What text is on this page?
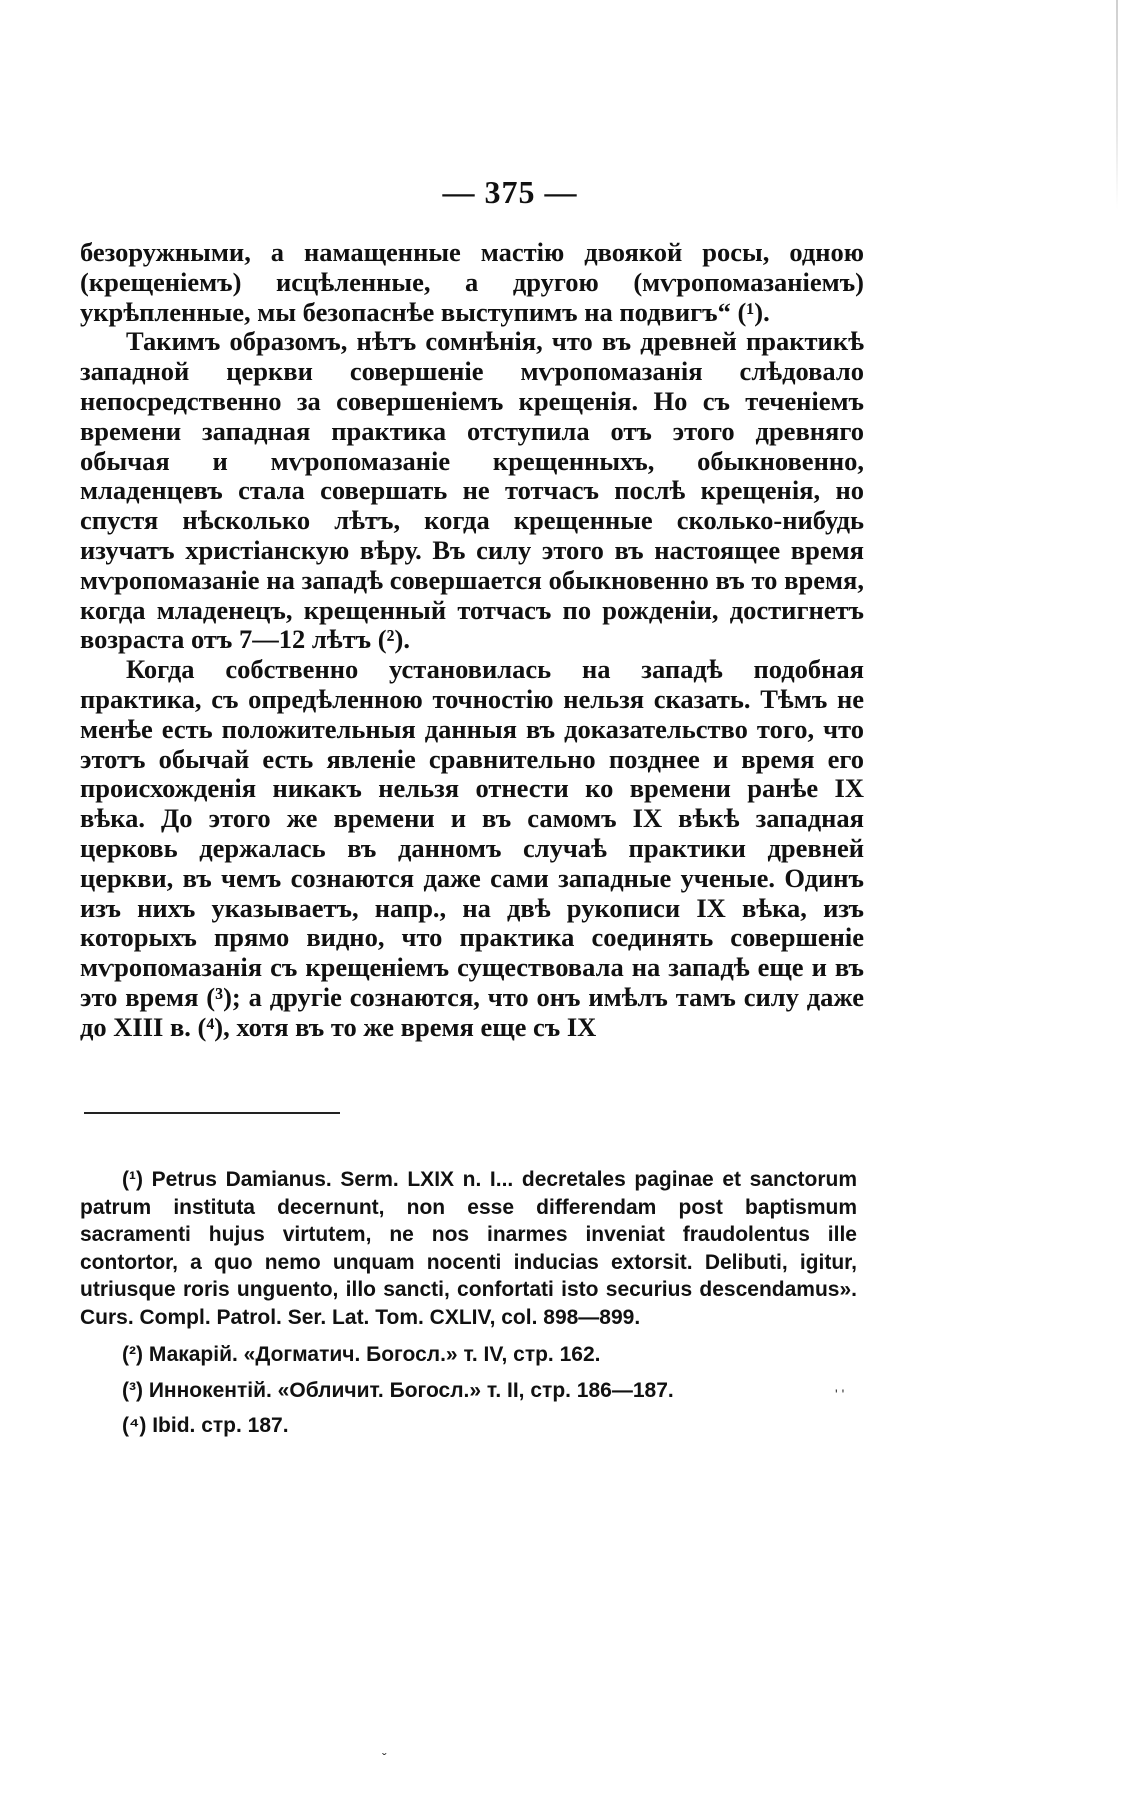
— 375 —

безоружными, а намащенные мастію двоякой росы, одною (крещеніемъ) исцѣленные, а другою (мѵропомазаніемъ) укрѣпленные, мы безопаснѣе выступимъ на подвигъ“ (¹).

Такимъ образомъ, нѣтъ сомнѣнія, что въ древней практикѣ западной церкви совершеніе мѵропомазанія слѣдовало непосредственно за совершеніемъ крещенія. Но съ теченіемъ времени западная практика отступила отъ этого древняго обычая и мѵропомазаніе крещенныхъ, обыкновенно, младенцевъ стала совершать не тотчасъ послѣ крещенія, но спустя нѣсколько лѣтъ, когда крещенные сколько-нибудь изучатъ христіанскую вѣру. Въ силу этого въ настоящее время мѵропомазаніе на западѣ совершается обыкновенно въ то время, когда младенецъ, крещенный тотчасъ по рожденіи, достигнетъ возраста отъ 7—12 лѣтъ (²).

Когда собственно установилась на западѣ подобная практика, съ опредѣленною точностію нельзя сказать. Тѣмъ не менѣе есть положительныя данныя въ доказательство того, что этотъ обычай есть явленіе сравнительно позднее и время его происхожденія никакъ нельзя отнести ко времени ранѣе IX вѣка. До этого же времени и въ самомъ IX вѣкѣ западная церковь держалась въ данномъ случаѣ практики древней церкви, въ чемъ сознаются даже сами западные ученые. Одинъ изъ нихъ указываетъ, напр., на двѣ рукописи IX вѣка, изъ которыхъ прямо видно, что практика соединять совершеніе мѵропомазанія съ крещеніемъ существовала на западѣ еще и въ это время (³); а другіе сознаются, что онъ имѣлъ тамъ силу даже до XIII в. (⁴), хотя въ то же время еще съ IX

(¹) Petrus Damianus. Serm. LXIX n. I... decretales paginae et sanctorum patrum instituta decernunt, non esse differendam post baptismum sacramenti hujus virtutem, ne nos inarmes inveniat fraudolentus ille contortor, a quo nemo unquam nocenti inducias extorsit. Delibuti, igitur, utriusque roris unguento, illo sancti, confortati isto securius descendamus». Curs. Compl. Patrol. Ser. Lat. Tom. CXLIV, col. 898—899.

(²) Макарій. «Догматич. Богосл.» т. IV, стр. 162.

(³) Иннокентій. «Обличит. Богосл.» т. II, стр. 186—187.

(⁴) Ibid. стр. 187.

ˇ
ʹ ʹ
